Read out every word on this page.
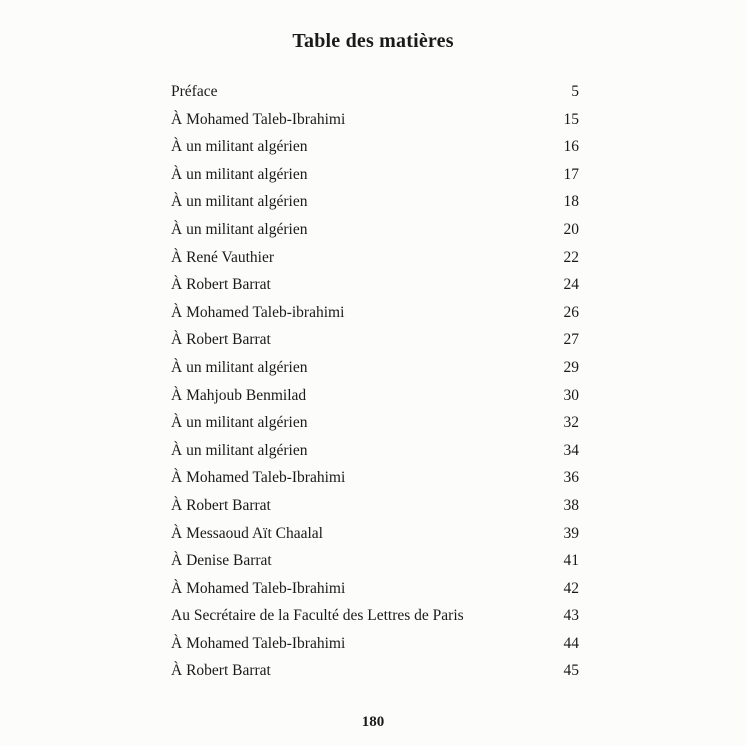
Table des matières
Préface	5
À Mohamed Taleb-Ibrahimi	15
À un militant algérien	16
À un militant algérien	17
À un militant algérien	18
À un militant algérien	20
À René Vauthier	22
À Robert Barrat	24
À Mohamed Taleb-ibrahimi	26
À Robert Barrat	27
À un militant algérien	29
À Mahjoub Benmilad	30
À un militant algérien	32
À un militant algérien	34
À Mohamed Taleb-Ibrahimi	36
À Robert Barrat	38
À Messaoud Aït Chaalal	39
À Denise Barrat	41
À Mohamed Taleb-Ibrahimi	42
Au Secrétaire de la Faculté des Lettres de Paris	43
À Mohamed Taleb-Ibrahimi	44
À Robert Barrat	45
180
